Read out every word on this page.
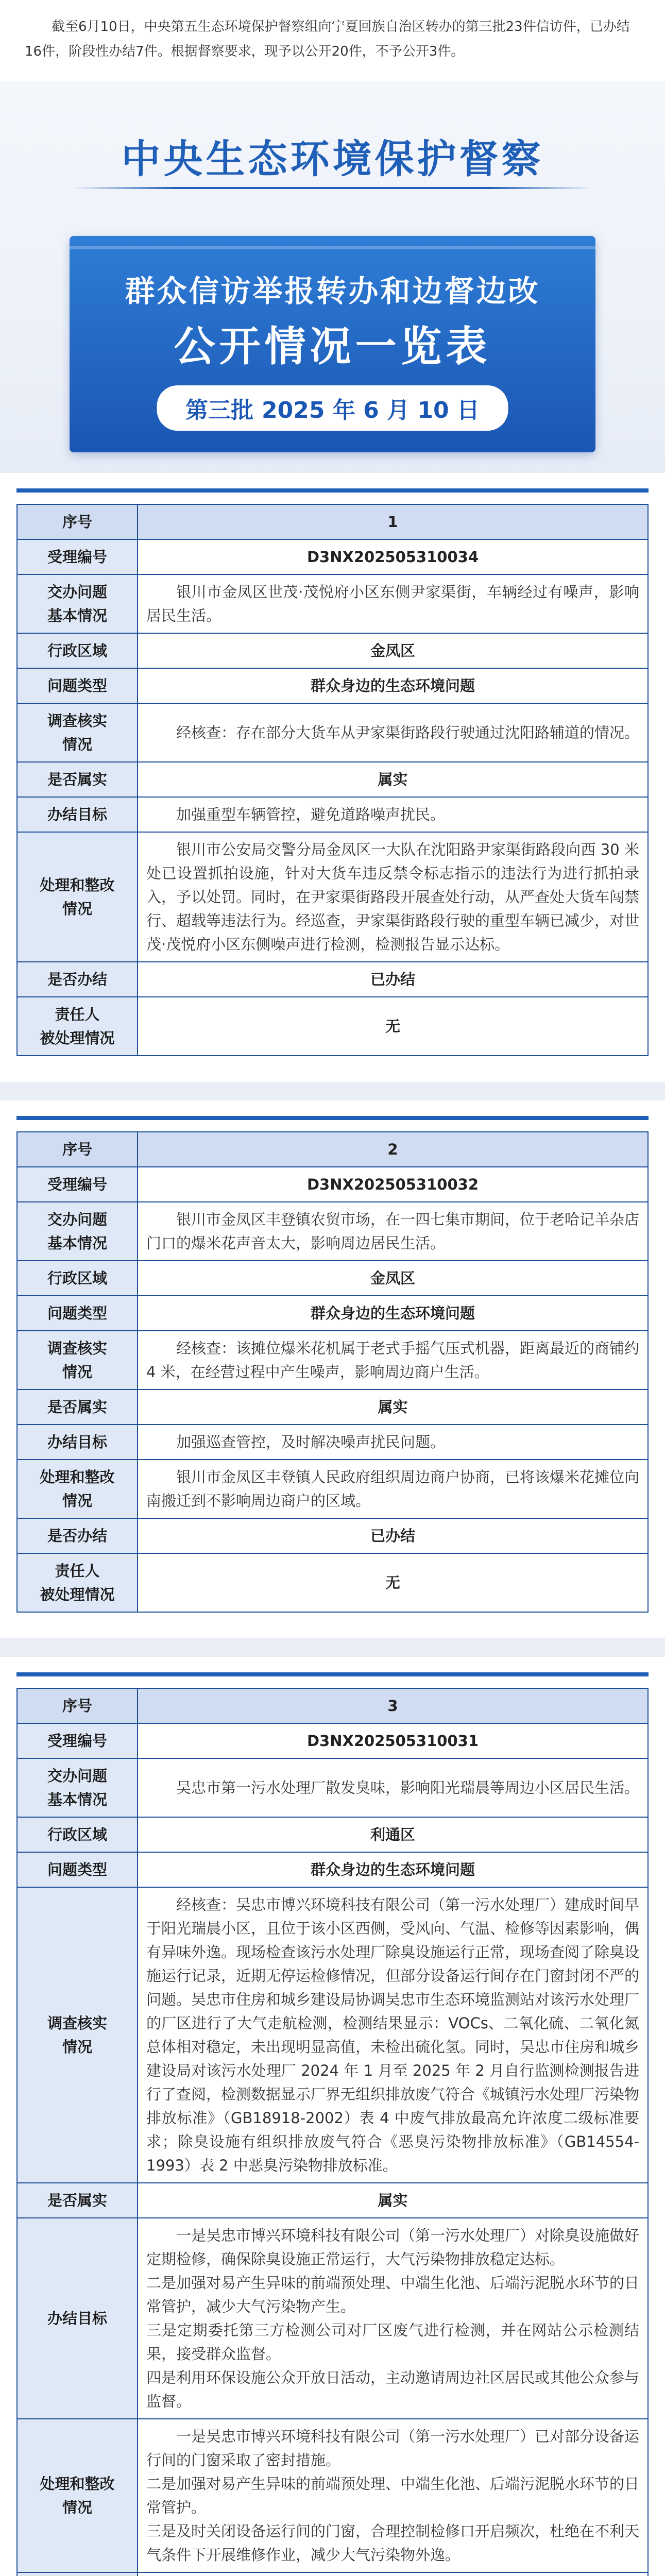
截至6月10日，中央第五生态环境保护督察组向宁夏回族自治区转办的第三批23件信访件，已办结16件，阶段性办结7件。根据督察要求，现予以公开20件，不予公开3件。
中央生态环境保护督察
群众信访举报转办和边督边改
公开情况一览表
第三批 2025 年 6 月 10 日
序号	1
受理编号	D3NX202505310034
交办问题
基本情况	银川市金凤区世茂·茂悦府小区东侧尹家渠街，车辆经过有噪声，影响居民生活。
行政区域	金凤区
问题类型	群众身边的生态环境问题
调查核实
情况	经核查：存在部分大货车从尹家渠街路段行驶通过沈阳路辅道的情况。
是否属实	属实
办结目标	加强重型车辆管控，避免道路噪声扰民。
处理和整改
情况	银川市公安局交警分局金凤区一大队在沈阳路尹家渠街路段向西 30 米处已设置抓拍设施，针对大货车违反禁令标志指示的违法行为进行抓拍录入，予以处罚。同时，在尹家渠街路段开展查处行动，从严查处大货车闯禁行、超载等违法行为。经巡查，尹家渠街路段行驶的重型车辆已减少，对世茂·茂悦府小区东侧噪声进行检测，检测报告显示达标。
是否办结	已办结
责任人
被处理情况	无
序号	2
受理编号	D3NX202505310032
交办问题
基本情况	银川市金凤区丰登镇农贸市场，在一四七集市期间，位于老哈记羊杂店门口的爆米花声音太大，影响周边居民生活。
行政区域	金凤区
问题类型	群众身边的生态环境问题
调查核实
情况	经核查：该摊位爆米花机属于老式手摇气压式机器，距离最近的商铺约 4 米，在经营过程中产生噪声，影响周边商户生活。
是否属实	属实
办结目标	加强巡查管控，及时解决噪声扰民问题。
处理和整改
情况	银川市金凤区丰登镇人民政府组织周边商户协商，已将该爆米花摊位向南搬迁到不影响周边商户的区域。
是否办结	已办结
责任人
被处理情况	无
序号	3
受理编号	D3NX202505310031
交办问题
基本情况	吴忠市第一污水处理厂散发臭味，影响阳光瑞晨等周边小区居民生活。
行政区域	利通区
问题类型	群众身边的生态环境问题
调查核实
情况	经核查：吴忠市博兴环境科技有限公司（第一污水处理厂）建成时间早于阳光瑞晨小区，且位于该小区西侧，受风向、气温、检修等因素影响，偶有异味外逸。现场检查该污水处理厂除臭设施运行正常，现场查阅了除臭设施运行记录，近期无停运检修情况，但部分设备运行间存在门窗封闭不严的问题。吴忠市住房和城乡建设局协调吴忠市生态环境监测站对该污水处理厂的厂区进行了大气走航检测，检测结果显示：VOCs、二氧化硫、二氧化氮总体相对稳定，未出现明显高值，未检出硫化氢。同时，吴忠市住房和城乡建设局对该污水处理厂 2024 年 1 月至 2025 年 2 月自行监测检测报告进行了查阅，检测数据显示厂界无组织排放废气符合《城镇污水处理厂污染物排放标准》（GB18918-2002）表 4 中废气排放最高允许浓度二级标准要求；除臭设施有组织排放废气符合《恶臭污染物排放标准》（GB14554-1993）表 2 中恶臭污染物排放标准。
是否属实	属实
办结目标	一是吴忠市博兴环境科技有限公司（第一污水处理厂）对除臭设施做好定期检修，确保除臭设施正常运行，大气污染物排放稳定达标。
二是加强对易产生异味的前端预处理、中端生化池、后端污泥脱水环节的日常管护，减少大气污染物产生。
三是定期委托第三方检测公司对厂区废气进行检测，并在网站公示检测结果，接受群众监督。
四是利用环保设施公众开放日活动，主动邀请周边社区居民或其他公众参与监督。
处理和整改
情况	一是吴忠市博兴环境科技有限公司（第一污水处理厂）已对部分设备运行间的门窗采取了密封措施。
二是加强对易产生异味的前端预处理、中端生化池、后端污泥脱水环节的日常管护。
三是及时关闭设备运行间的门窗，合理控制检修口开启频次，杜绝在不利天气条件下开展维修作业，减少大气污染物外逸。
